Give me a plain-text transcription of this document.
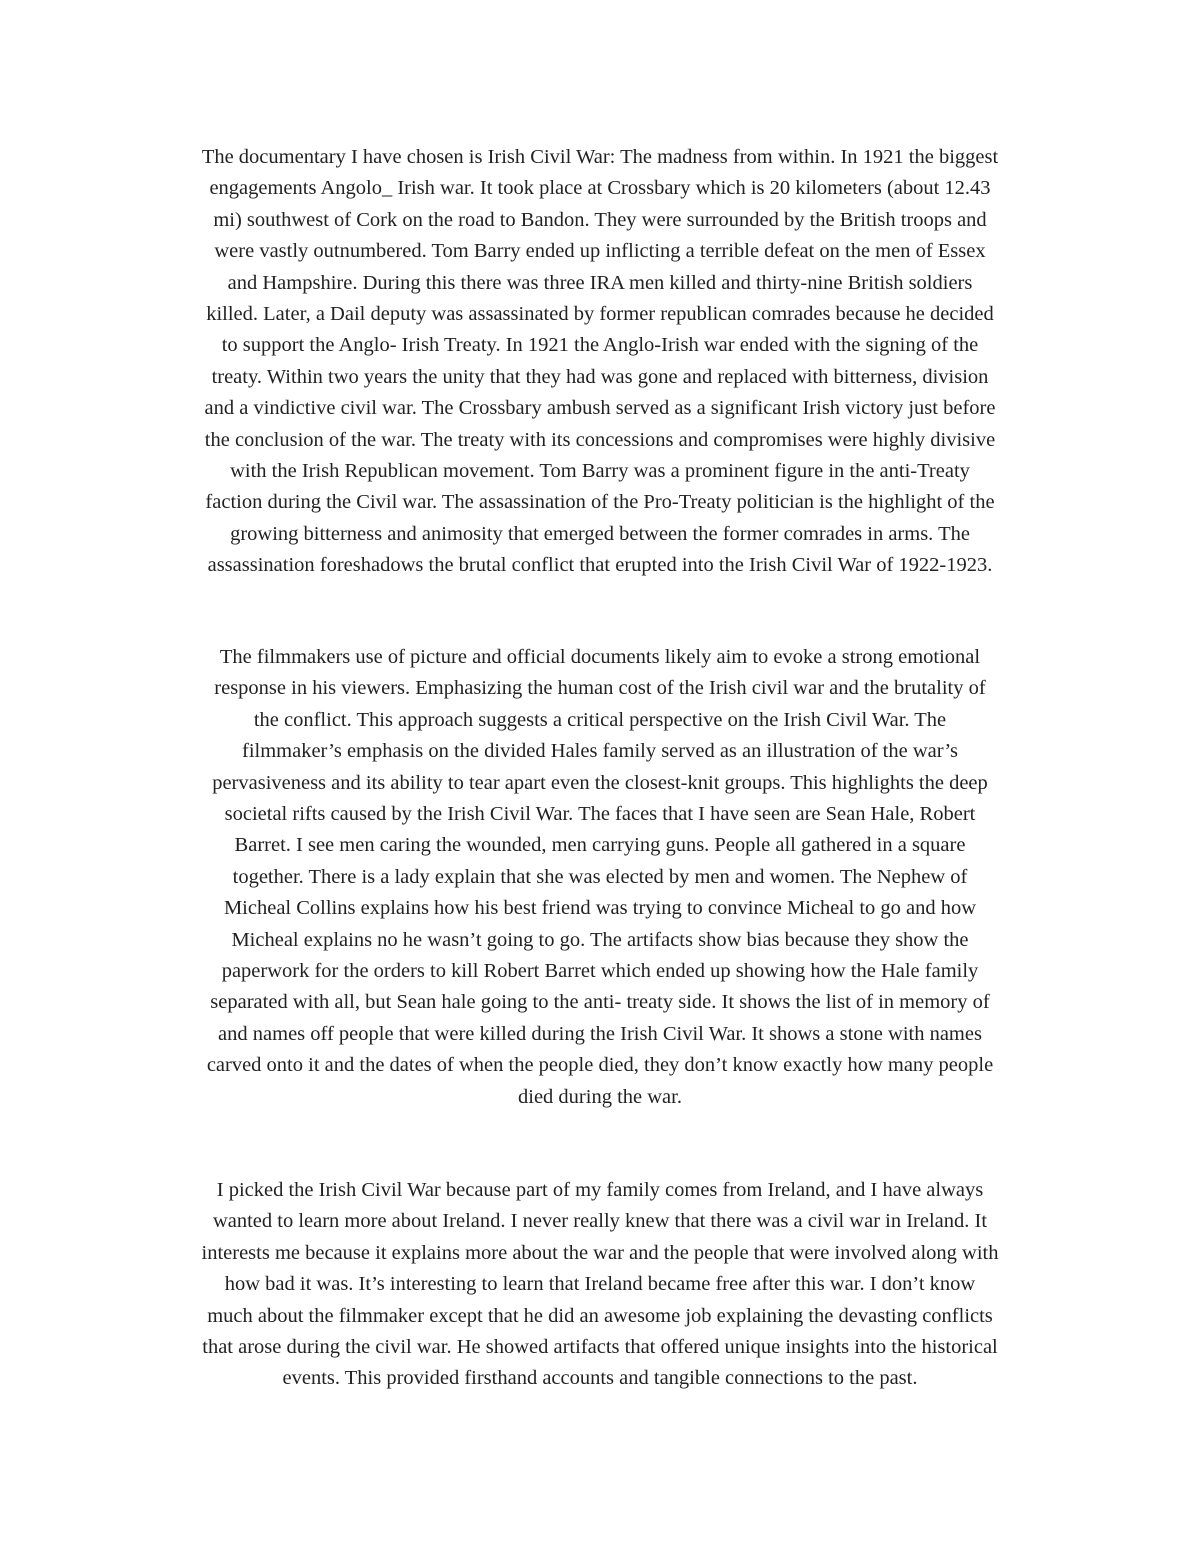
The documentary I have chosen is Irish Civil War: The madness from within. In 1921 the biggest
engagements Angolo_ Irish war. It took place at Crossbary which is 20 kilometers (about 12.43
mi) southwest of Cork on the road to Bandon. They were surrounded by the British troops and
were vastly outnumbered. Tom Barry ended up inflicting a terrible defeat on the men of Essex
and Hampshire. During this there was three IRA men killed and thirty-nine British soldiers
killed. Later, a Dail deputy was assassinated by former republican comrades because he decided
to support the Anglo- Irish Treaty. In 1921 the Anglo-Irish war ended with the signing of the
treaty. Within two years the unity that they had was gone and replaced with bitterness, division
and a vindictive civil war. The Crossbary ambush served as a significant Irish victory just before
the conclusion of the war. The treaty with its concessions and compromises were highly divisive
with the Irish Republican movement. Tom Barry was a prominent figure in the anti-Treaty
faction during the Civil war. The assassination of the Pro-Treaty politician is the highlight of the
growing bitterness and animosity that emerged between the former comrades in arms. The
assassination foreshadows the brutal conflict that erupted into the Irish Civil War of 1922-1923.
The filmmakers use of picture and official documents likely aim to evoke a strong emotional
response in his viewers. Emphasizing the human cost of the Irish civil war and the brutality of
the conflict. This approach suggests a critical perspective on the Irish Civil War. The
filmmaker’s emphasis on the divided Hales family served as an illustration of the war’s
pervasiveness and its ability to tear apart even the closest-knit groups. This highlights the deep
societal rifts caused by the Irish Civil War. The faces that I have seen are Sean Hale, Robert
Barret. I see men caring the wounded, men carrying guns. People all gathered in a square
together. There is a lady explain that she was elected by men and women. The Nephew of
Micheal Collins explains how his best friend was trying to convince Micheal to go and how
Micheal explains no he wasn’t going to go. The artifacts show bias because they show the
paperwork for the orders to kill Robert Barret which ended up showing how the Hale family
separated with all, but Sean hale going to the anti- treaty side. It shows the list of in memory of
and names off people that were killed during the Irish Civil War. It shows a stone with names
carved onto it and the dates of when the people died, they don’t know exactly how many people
died during the war.
I picked the Irish Civil War because part of my family comes from Ireland, and I have always
wanted to learn more about Ireland. I never really knew that there was a civil war in Ireland. It
interests me because it explains more about the war and the people that were involved along with
how bad it was. It’s interesting to learn that Ireland became free after this war. I don’t know
much about the filmmaker except that he did an awesome job explaining the devasting conflicts
that arose during the civil war. He showed artifacts that offered unique insights into the historical
events. This provided firsthand accounts and tangible connections to the past.
